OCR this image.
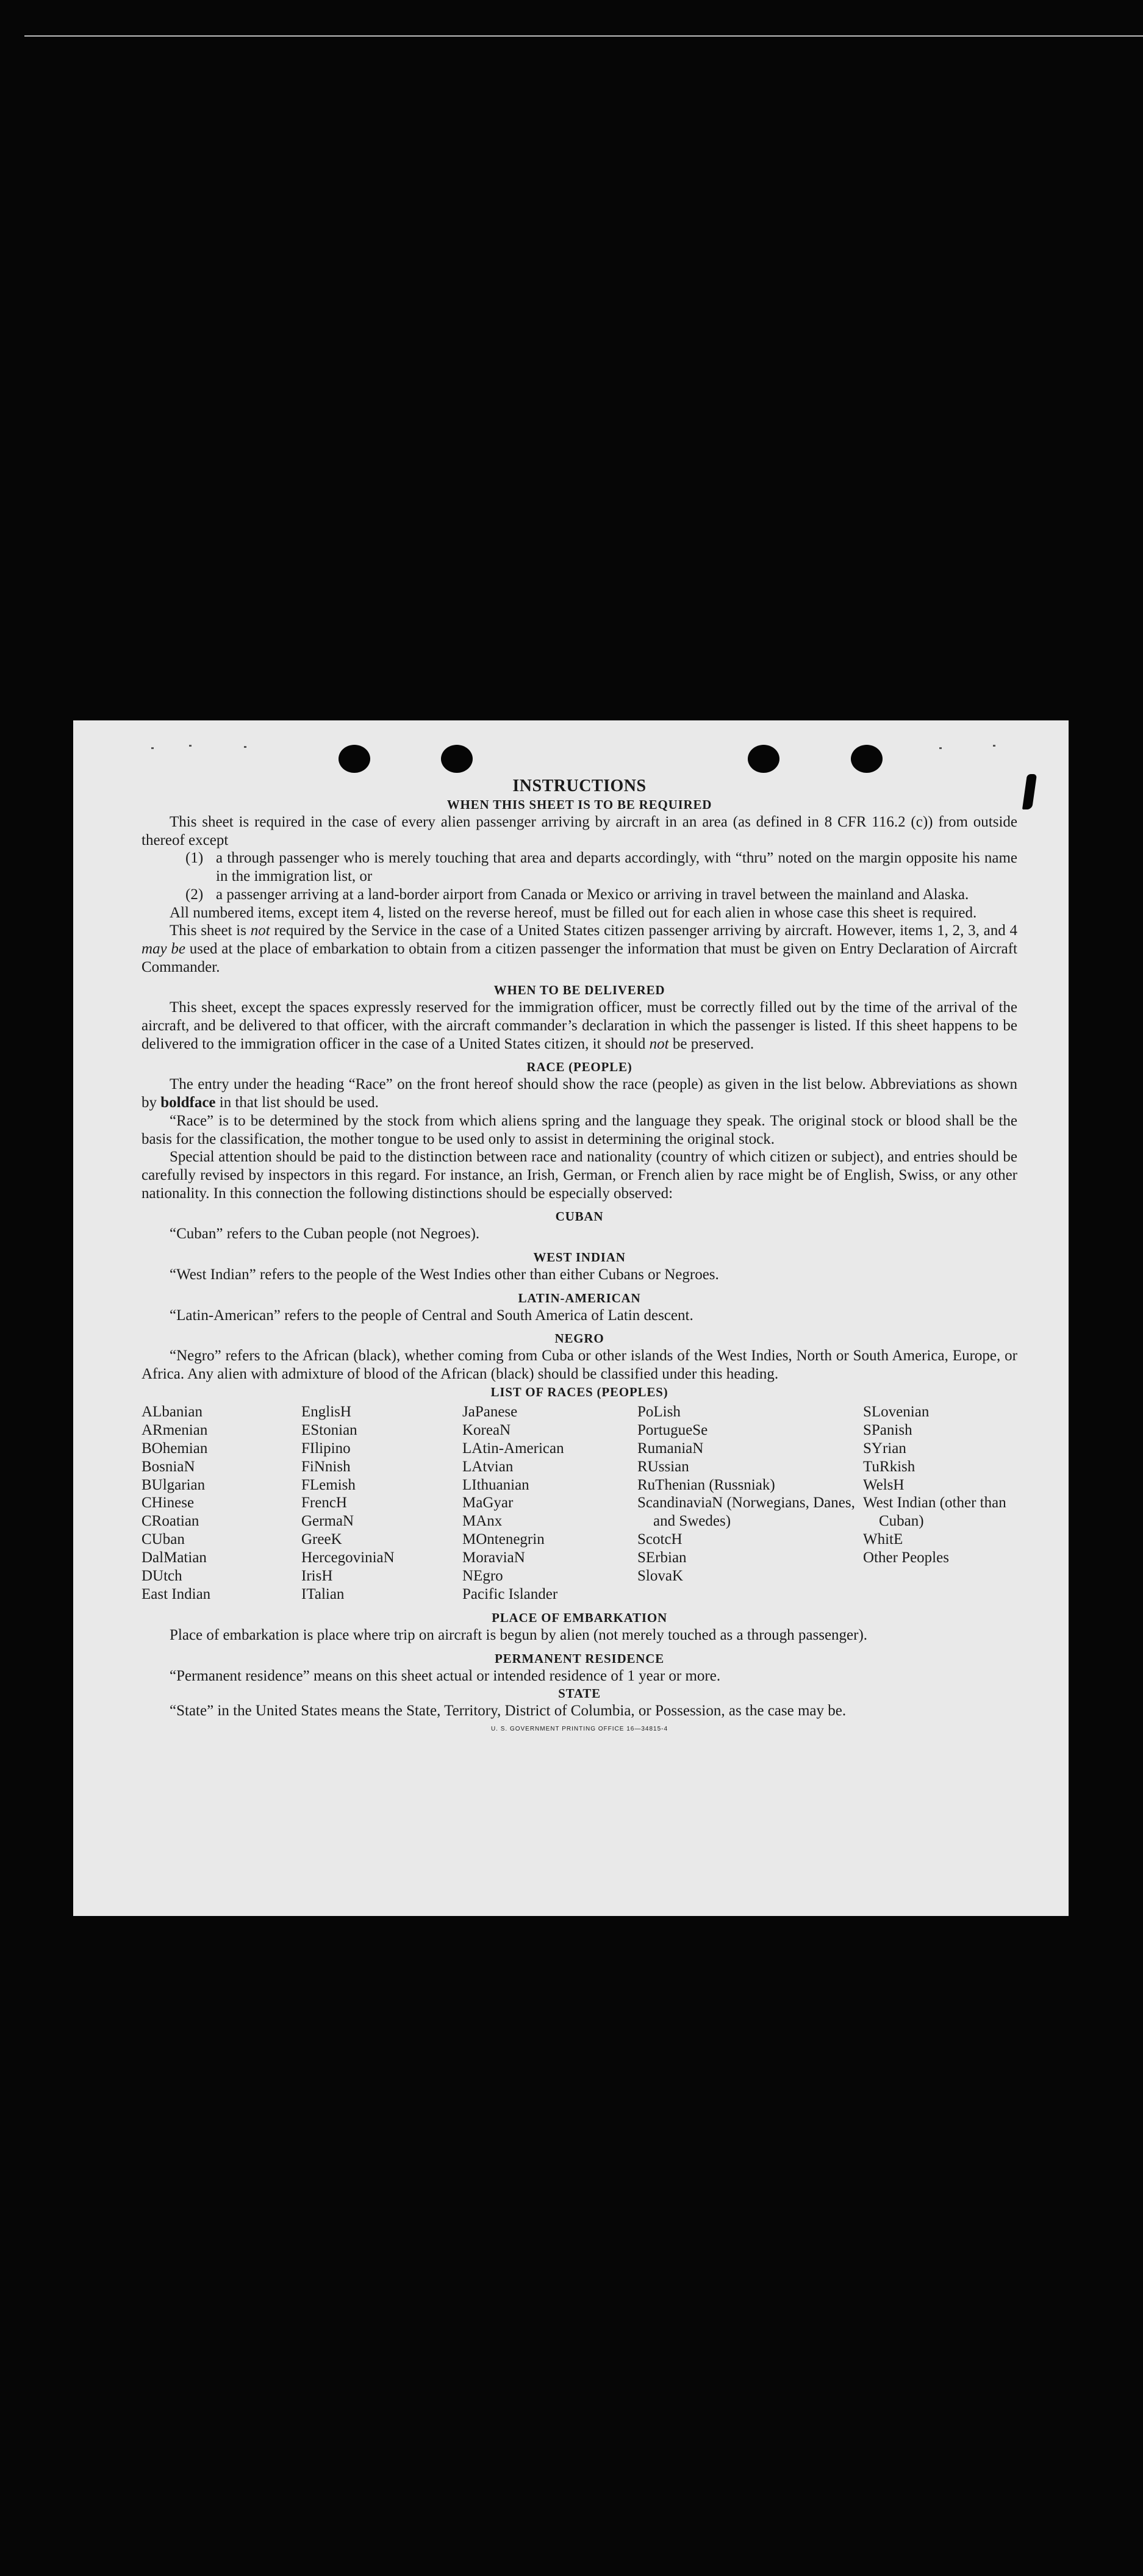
INSTRUCTIONS

WHEN THIS SHEET IS TO BE REQUIRED

This sheet is required in the case of every alien passenger arriving by aircraft in an area (as defined in 8 CFR 116.2 (c)) from outside thereof except

(1) a through passenger who is merely touching that area and departs accordingly, with “thru” noted on the margin opposite his name in the immigration list, or
(2) a passenger arriving at a land-border airport from Canada or Mexico or arriving in travel between the mainland and Alaska.

All numbered items, except item 4, listed on the reverse hereof, must be filled out for each alien in whose case this sheet is required.

This sheet is not required by the Service in the case of a United States citizen passenger arriving by aircraft. However, items 1, 2, 3, and 4 may be used at the place of embarkation to obtain from a citizen passenger the information that must be given on Entry Declaration of Aircraft Commander.

WHEN TO BE DELIVERED

This sheet, except the spaces expressly reserved for the immigration officer, must be correctly filled out by the time of the arrival of the aircraft, and be delivered to that officer, with the aircraft commander’s declaration in which the passenger is listed. If this sheet happens to be delivered to the immigration officer in the case of a United States citizen, it should not be preserved.

RACE (PEOPLE)

The entry under the heading “Race” on the front hereof should show the race (people) as given in the list below. Abbreviations as shown by boldface in that list should be used.

“Race” is to be determined by the stock from which aliens spring and the language they speak. The original stock or blood shall be the basis for the classification, the mother tongue to be used only to assist in determining the original stock.

Special attention should be paid to the distinction between race and nationality (country of which citizen or subject), and entries should be carefully revised by inspectors in this regard. For instance, an Irish, German, or French alien by race might be of English, Swiss, or any other nationality. In this connection the following distinctions should be especially observed:

CUBAN

“Cuban” refers to the Cuban people (not Negroes).

WEST INDIAN

“West Indian” refers to the people of the West Indies other than either Cubans or Negroes.

LATIN-AMERICAN

“Latin-American” refers to the people of Central and South America of Latin descent.

NEGRO

“Negro” refers to the African (black), whether coming from Cuba or other islands of the West Indies, North or South America, Europe, or Africa. Any alien with admixture of blood of the African (black) should be classified under this heading.

LIST OF RACES (PEOPLES)

ALbanian
ARmenian
BOhemian
BosniaN
BUlgarian
CHinese
CRoatian
CUban
DalMatian
DUtch
East Indian
EnglisH
EStonian
FIlipino
FiNnish
FLemish
FrencH
GermaN
GreeK
HercegoviniaN
IrisH
ITalian
JaPanese
KoreaN
LAtin-American
LAtvian
LIthuanian
MaGyar
MAnx
MOntenegrin
MoraviaN
NEgro
Pacific Islander
PoLish
PortugueSe
RumaniaN
RUssian
RuThenian (Russniak)
ScandinaviaN (Norwegians, Danes, and Swedes)
ScotcH
SErbian
SlovaK
SLovenian
SPanish
SYrian
TuRkish
WelsH
West Indian (other than Cuban)
WhitE
Other Peoples

PLACE OF EMBARKATION

Place of embarkation is place where trip on aircraft is begun by alien (not merely touched as a through passenger).

PERMANENT RESIDENCE

“Permanent residence” means on this sheet actual or intended residence of 1 year or more.

STATE

“State” in the United States means the State, Territory, District of Columbia, or Possession, as the case may be.

U. S. GOVERNMENT PRINTING OFFICE 16—34815-4
